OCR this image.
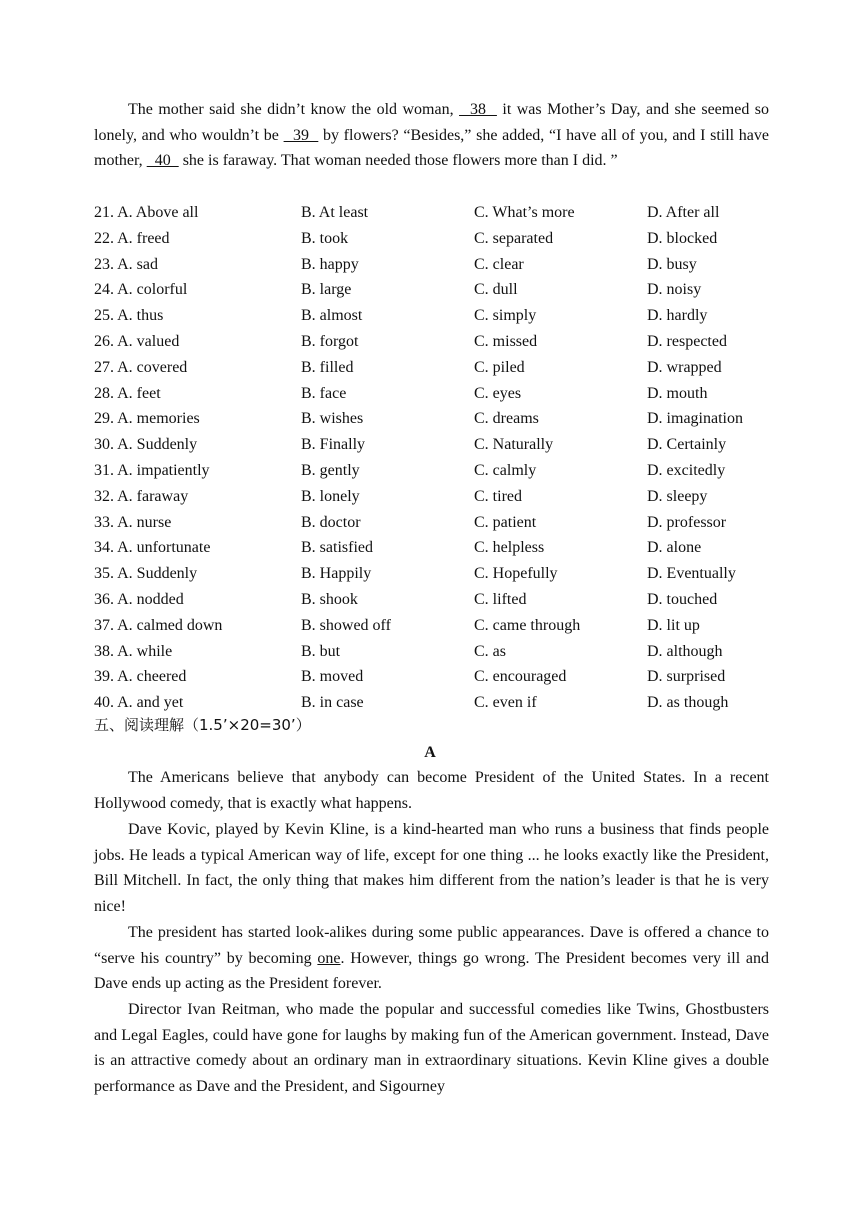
The mother said she didn’t know the old woman,   38   it was Mother’s Day, and she seemed so lonely, and who wouldn’t be   39   by flowers? “Besides,” she added, “I have all of you, and I still have mother,   40   she is faraway. That woman needed those flowers more than I did. ”

21. A. Above all	B. At least	C. What’s more	D. After all
22. A. freed	B. took	C. separated	D. blocked
23. A. sad	B. happy	C. clear	D. busy
24. A. colorful	B. large	C. dull	D. noisy
25. A. thus	B. almost	C. simply	D. hardly
26. A. valued	B. forgot	C. missed	D. respected
27. A. covered	B. filled	C. piled	D. wrapped
28. A. feet	B. face	C. eyes	D. mouth
29. A. memories	B. wishes	C. dreams	D. imagination
30. A. Suddenly	B. Finally	C. Naturally	D. Certainly
31. A. impatiently	B. gently	C. calmly	D. excitedly
32. A. faraway	B. lonely	C. tired	D. sleepy
33. A. nurse	B. doctor	C. patient	D. professor
34. A. unfortunate	B. satisfied	C. helpless	D. alone
35. A. Suddenly	B. Happily	C. Hopefully	D. Eventually
36. A. nodded	B. shook	C. lifted	D. touched
37. A. calmed down	B. showed off	C. came through	D. lit up
38. A. while	B. but	C. as	D. although
39. A. cheered	B. moved	C. encouraged	D. surprised
40. A. and yet	B. in case	C. even if	D. as though
五、阅读理解（1.5’×20=30’）
A

The Americans believe that anybody can become President of the United States. In a recent Hollywood comedy, that is exactly what happens.

Dave Kovic, played by Kevin Kline, is a kind-hearted man who runs a business that finds people jobs. He leads a typical American way of life, except for one thing ... he looks exactly like the President, Bill Mitchell. In fact, the only thing that makes him different from the nation’s leader is that he is very nice!

The president has started look-alikes during some public appearances. Dave is offered a chance to “serve his country” by becoming one. However, things go wrong. The President becomes very ill and Dave ends up acting as the President forever.

Director Ivan Reitman, who made the popular and successful comedies like Twins, Ghostbusters and Legal Eagles, could have gone for laughs by making fun of the American government. Instead, Dave is an attractive comedy about an ordinary man in extraordinary situations. Kevin Kline gives a double performance as Dave and the President, and Sigourney
